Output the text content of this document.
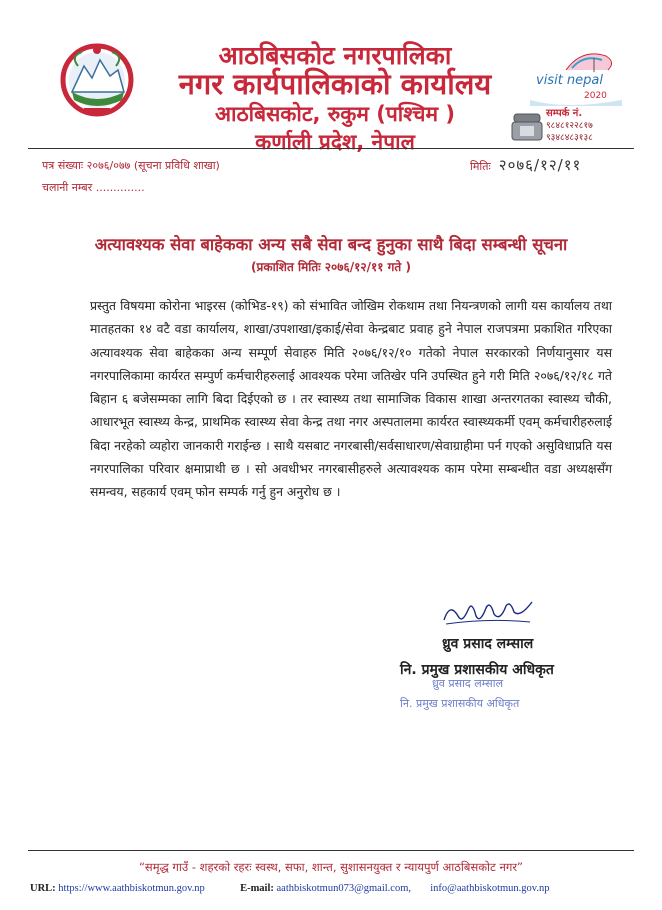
आठबिसकोट नगरपालिका
नगर कार्यपालिकाको कार्यालय
आठबिसकोट, रुकुम (पश्चिम )
कर्णाली प्रदेश, नेपाल
visit nepal
2020
सम्पर्क नं.
९८४८१२२८१७
९३४८४८३१३८
पत्र संख्याः २०७६/०७७ (सूचना प्रविधि शाखा)
चलानी नम्बर ..............
मितिः २०७६/१२/११
अत्यावश्यक सेवा बाहेकका अन्य सबै सेवा बन्द हुनुका साथै बिदा सम्बन्धी सूचना
(प्रकाशित मितिः २०७६/१२/११ गते )
प्रस्तुत विषयमा कोरोना भाइरस (कोभिड-१९) को संभावित जोखिम रोकथाम तथा नियन्त्रणको लागी यस कार्यालय तथा मातहतका १४ वटै वडा कार्यालय, शाखा/उपशाखा/इकाई/सेवा केन्द्रबाट प्रवाह हुने नेपाल राजपत्रमा प्रकाशित गरिएका अत्यावश्यक सेवा बाहेकका अन्य सम्पूर्ण सेवाहरु मिति २०७६/१२/१० गतेको नेपाल सरकारको निर्णयानुसार यस नगरपालिकामा कार्यरत सम्पुर्ण कर्मचारीहरुलाई आवश्यक परेमा जतिखेर पनि उपस्थित हुने गरी मिति २०७६/१२/१८ गते बिहान ६ बजेसम्मका लागि बिदा दिईएको छ । तर स्वास्थ्य तथा सामाजिक विकास शाखा अन्तरगतका स्वास्थ्य चौकी, आधारभूत स्वास्थ्य केन्द्र, प्राथमिक स्वास्थ्य सेवा केन्द्र तथा नगर अस्पतालमा कार्यरत स्वास्थ्यकर्मी एवम् कर्मचारीहरुलाई बिदा नरहेको व्यहोरा जानकारी गराईन्छ । साथै यसबाट नगरबासी/सर्वसाधारण/सेवाग्राहीमा पर्न गएको असुविधाप्रति यस नगरपालिका परिवार क्षमाप्राथी छ । सो अवधीभर नगरबासीहरुले अत्यावश्यक काम परेमा सम्बन्धीत वडा अध्यक्षसँग समन्वय, सहकार्य एवम् फोन सम्पर्क गर्नु हुन अनुरोध छ ।
ध्रुव प्रसाद लम्साल
नि. प्रमुख प्रशासकीय अधिकृत
ध्रुव प्रसाद लम्साल
नि. प्रमुख प्रशासकीय अधिकृत
“समृद्ध गाउँ - शहरको रहरः स्वस्थ, सफा, शान्त, सुशासनयुक्त र न्यायपुर्ण आठबिसकोट नगर”
URL: https://www.aathbiskotmun.gov.np	E-mail: aathbiskotmun073@gmail.com, info@aathbiskotmun.gov.np
